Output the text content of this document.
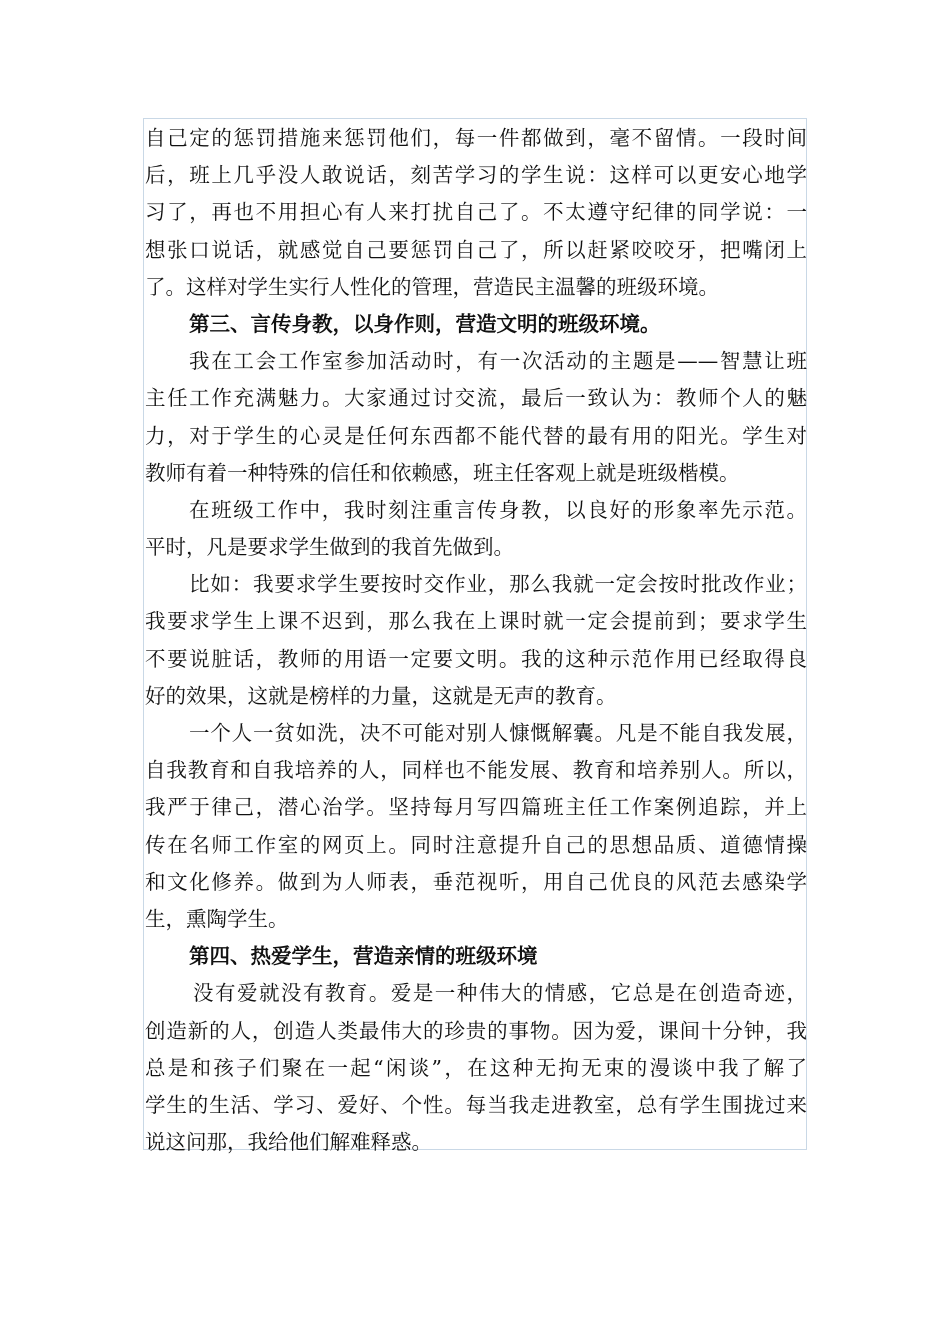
自己定的惩罚措施来惩罚他们，每一件都做到，毫不留情。一段时间
后，班上几乎没人敢说话，刻苦学习的学生说：这样可以更安心地学
习了，再也不用担心有人来打扰自己了。不太遵守纪律的同学说：一
想张口说话，就感觉自己要惩罚自己了，所以赶紧咬咬牙，把嘴闭上
了。这样对学生实行人性化的管理，营造民主温馨的班级环境。
第三、言传身教，以身作则，营造文明的班级环境。
我在工会工作室参加活动时，有一次活动的主题是——智慧让班
主任工作充满魅力。大家通过讨交流，最后一致认为：教师个人的魅
力，对于学生的心灵是任何东西都不能代替的最有用的阳光。学生对
教师有着一种特殊的信任和依赖感，班主任客观上就是班级楷模。
在班级工作中，我时刻注重言传身教，以良好的形象率先示范。
平时，凡是要求学生做到的我首先做到。
比如：我要求学生要按时交作业，那么我就一定会按时批改作业；
我要求学生上课不迟到，那么我在上课时就一定会提前到；要求学生
不要说脏话，教师的用语一定要文明。我的这种示范作用已经取得良
好的效果，这就是榜样的力量，这就是无声的教育。
一个人一贫如洗，决不可能对别人慷慨解囊。凡是不能自我发展，
自我教育和自我培养的人，同样也不能发展、教育和培养别人。所以，
我严于律己，潜心治学。坚持每月写四篇班主任工作案例追踪，并上
传在名师工作室的网页上。同时注意提升自己的思想品质、道德情操
和文化修养。做到为人师表，垂范视听，用自己优良的风范去感染学
生，熏陶学生。
第四、热爱学生，营造亲情的班级环境
没有爱就没有教育。爱是一种伟大的情感，它总是在创造奇迹，
创造新的人，创造人类最伟大的珍贵的事物。因为爱，课间十分钟，我
总是和孩子们聚在一起“闲谈”，在这种无拘无束的漫谈中我了解了
学生的生活、学习、爱好、个性。每当我走进教室，总有学生围拢过来
说这问那，我给他们解难释惑。
